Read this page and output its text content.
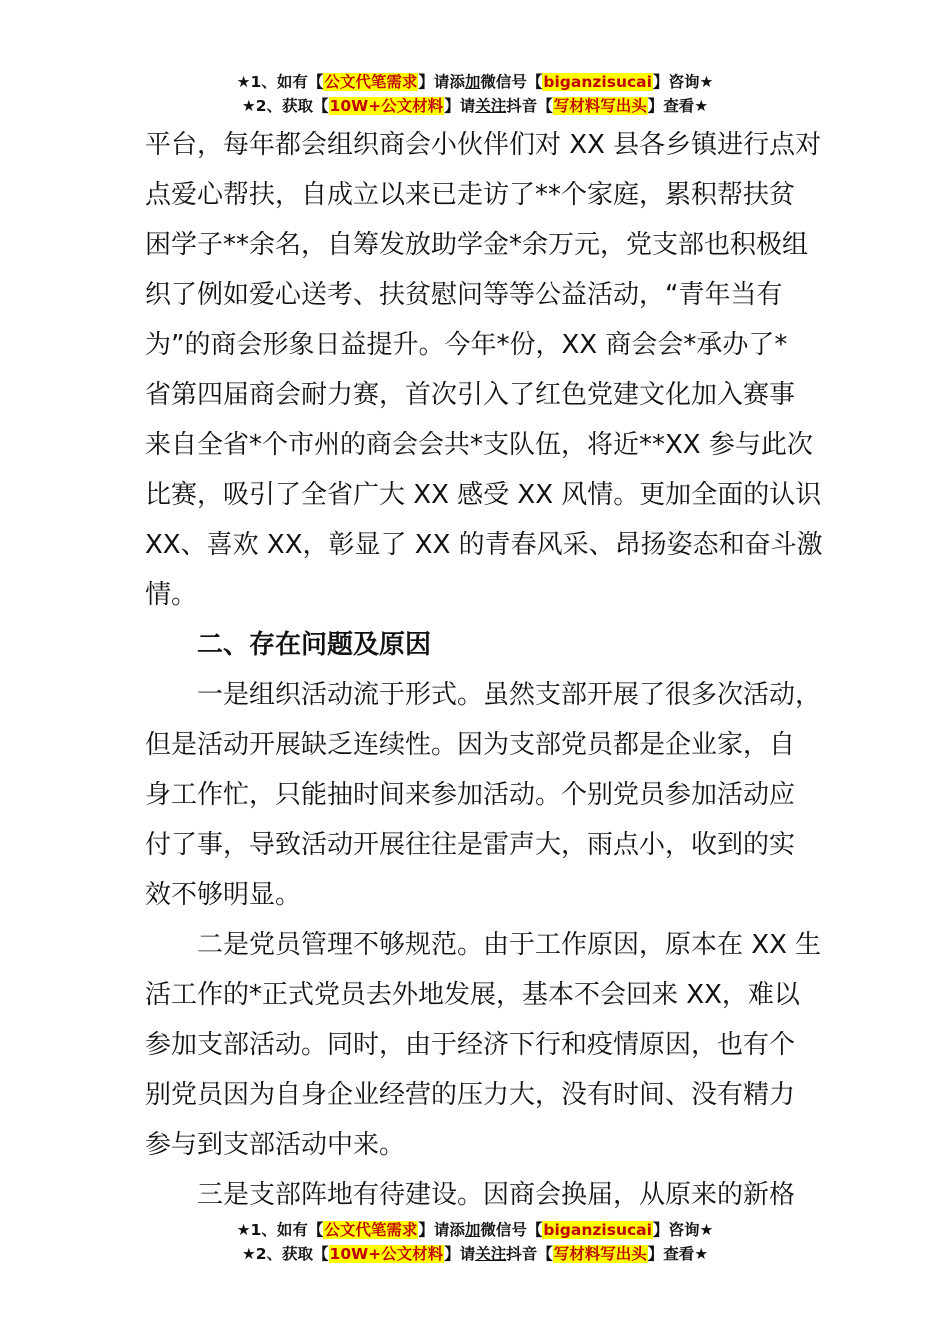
★1、如有【公文代笔需求】请添加微信号【biganzisucai】咨询★
★2、获取【10W+公文材料】请关注抖音【写材料写出头】查看★

平台，每年都会组织商会小伙伴们对 XX 县各乡镇进行点对
点爱心帮扶，自成立以来已走访了**个家庭，累积帮扶贫
困学子**余名，自筹发放助学金*余万元，党支部也积极组
织了例如爱心送考、扶贫慰问等等公益活动，“青年当有
为”的商会形象日益提升。今年*份，XX 商会会*承办了*
省第四届商会耐力赛，首次引入了红色党建文化加入赛事
来自全省*个市州的商会会共*支队伍，将近**XX 参与此次
比赛，吸引了全省广大 XX 感受 XX 风情。更加全面的认识
XX、喜欢 XX，彰显了 XX 的青春风采、昂扬姿态和奋斗激
情。

二、存在问题及原因

一是组织活动流于形式。虽然支部开展了很多次活动，
但是活动开展缺乏连续性。因为支部党员都是企业家，自
身工作忙，只能抽时间来参加活动。个别党员参加活动应
付了事，导致活动开展往往是雷声大，雨点小，收到的实
效不够明显。

二是党员管理不够规范。由于工作原因，原本在 XX 生
活工作的*正式党员去外地发展，基本不会回来 XX，难以
参加支部活动。同时，由于经济下行和疫情原因，也有个
别党员因为自身企业经营的压力大，没有时间、没有精力
参与到支部活动中来。

三是支部阵地有待建设。因商会换届，从原来的新格

★1、如有【公文代笔需求】请添加微信号【biganzisucai】咨询★
★2、获取【10W+公文材料】请关注抖音【写材料写出头】查看★
